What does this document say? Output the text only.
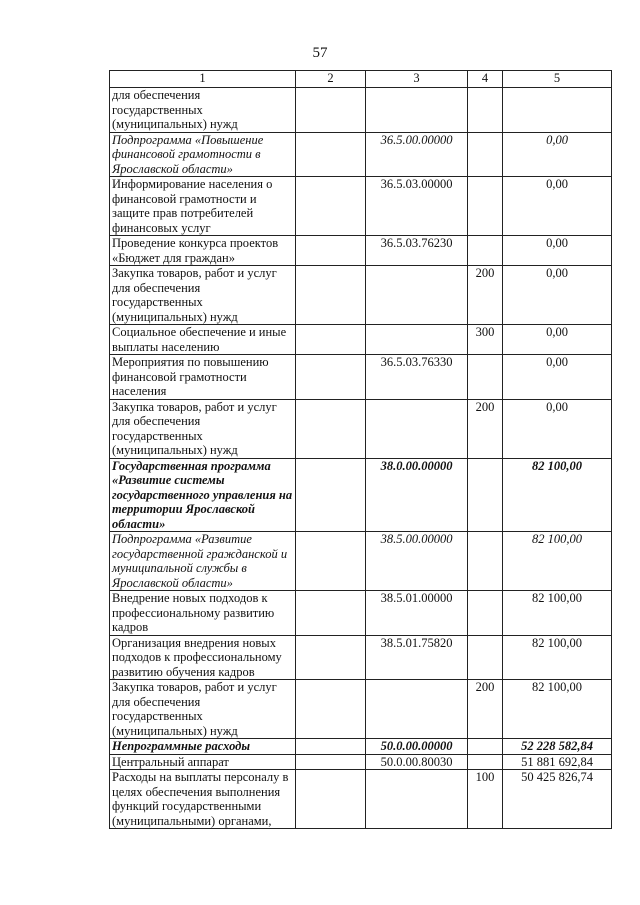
57
1	2	3	4	5
для обеспечения государственных (муниципальных) нужд				
Подпрограмма «Повышение финансовой грамотности в Ярославской области»		36.5.00.00000		0,00
Информирование населения о финансовой грамотности и защите прав потребителей финансовых услуг		36.5.03.00000		0,00
Проведение конкурса проектов «Бюджет для граждан»		36.5.03.76230		0,00
Закупка товаров, работ и услуг для обеспечения государственных (муниципальных) нужд			200	0,00
Социальное обеспечение и иные выплаты населению			300	0,00
Мероприятия по повышению финансовой грамотности населения		36.5.03.76330		0,00
Закупка товаров, работ и услуг для обеспечения государственных (муниципальных) нужд			200	0,00
Государственная программа «Развитие системы государственного управления на территории Ярославской области»		38.0.00.00000		82 100,00
Подпрограмма «Развитие государственной гражданской и муниципальной службы в Ярославской области»		38.5.00.00000		82 100,00
Внедрение новых подходов к профессиональному развитию кадров		38.5.01.00000		82 100,00
Организация внедрения новых подходов к профессиональному развитию обучения кадров		38.5.01.75820		82 100,00
Закупка товаров, работ и услуг для обеспечения государственных (муниципальных) нужд			200	82 100,00
Непрограммные расходы		50.0.00.00000		52 228 582,84
Центральный аппарат		50.0.00.80030		51 881 692,84
Расходы на выплаты персоналу в целях обеспечения выполнения функций государственными (муниципальными) органами,			100	50 425 826,74
